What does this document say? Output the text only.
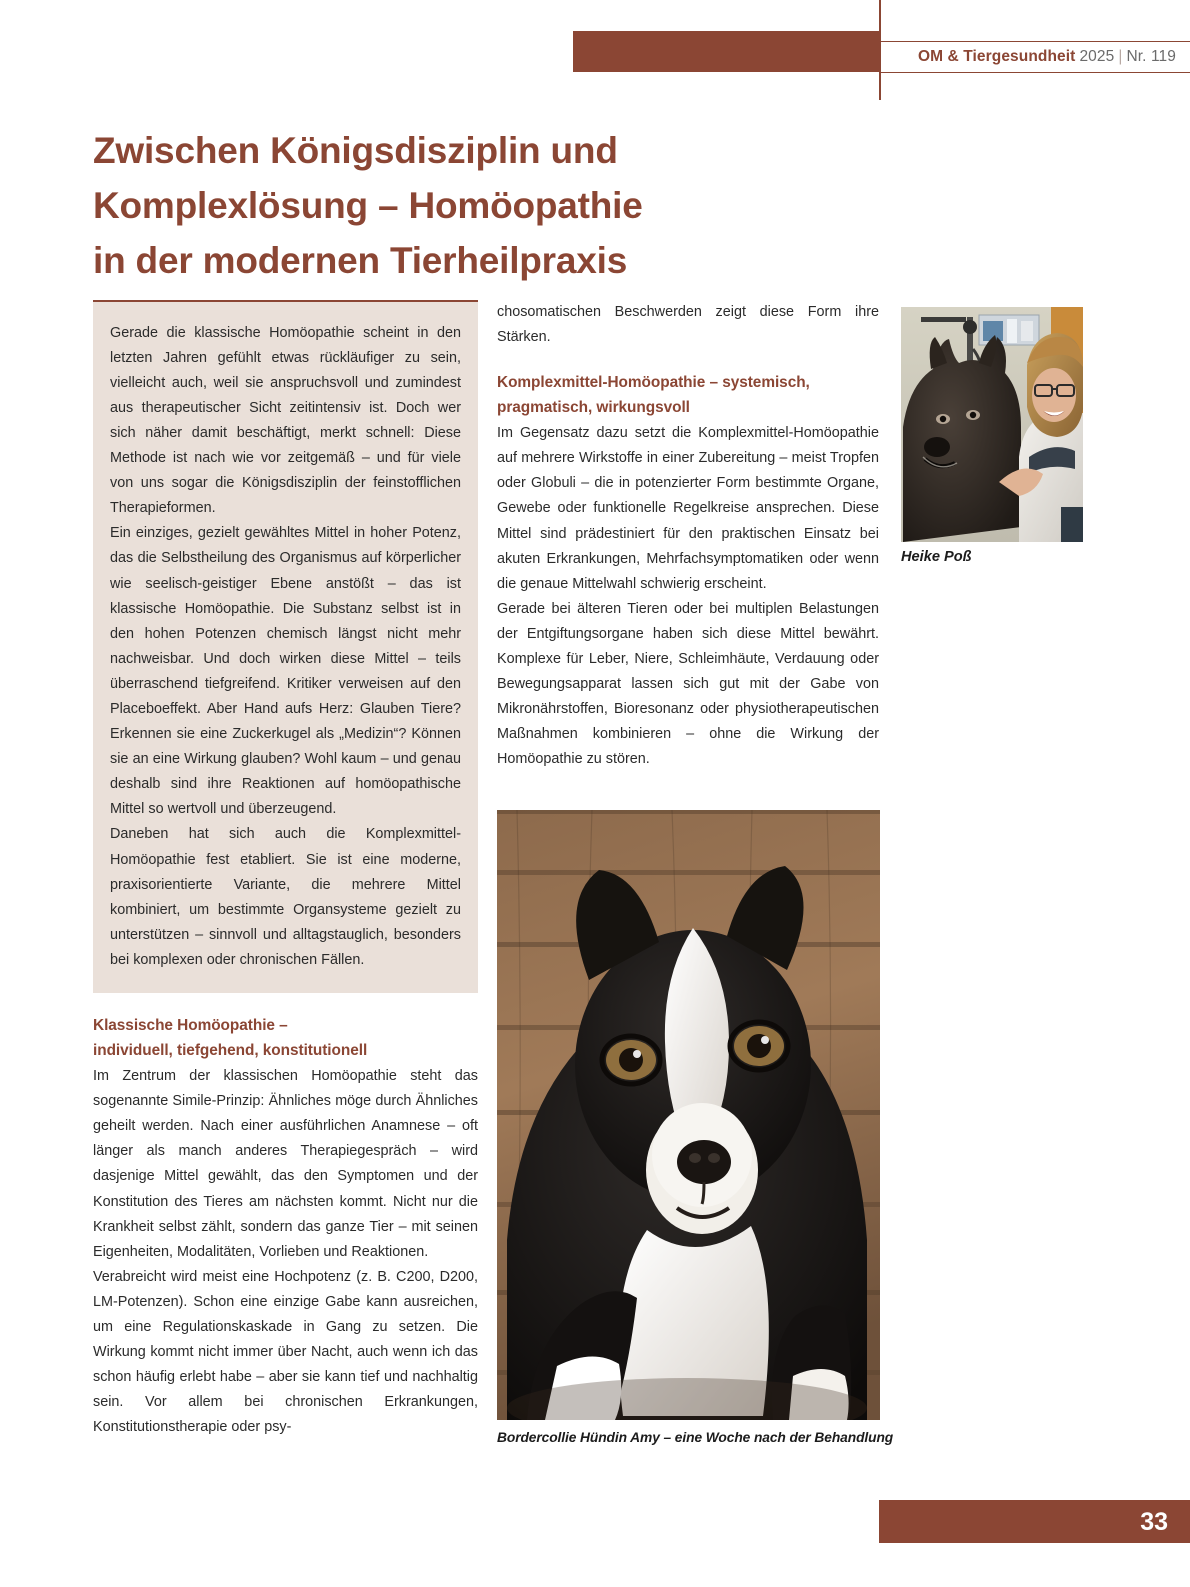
OM & Tiergesundheit 2025 | Nr. 119
Zwischen Königsdisziplin und
Komplexlösung – Homöopathie
in der modernen Tierheilpraxis

Gerade die klassische Homöopathie scheint in den letzten Jahren gefühlt etwas rückläufiger zu sein, vielleicht auch, weil sie anspruchsvoll und zumindest aus therapeutischer Sicht zeitintensiv ist. Doch wer sich näher damit beschäftigt, merkt schnell: Diese Methode ist nach wie vor zeitgemäß – und für viele von uns sogar die Königsdisziplin der feinstofflichen Therapieformen.

Ein einziges, gezielt gewähltes Mittel in hoher Potenz, das die Selbstheilung des Organismus auf körperlicher wie seelisch-geistiger Ebene anstößt – das ist klassische Homöopathie. Die Substanz selbst ist in den hohen Potenzen chemisch längst nicht mehr nachweisbar. Und doch wirken diese Mittel – teils überraschend tiefgreifend. Kritiker verweisen auf den Placeboeffekt. Aber Hand aufs Herz: Glauben Tiere? Erkennen sie eine Zuckerkugel als „Medizin“? Können sie an eine Wirkung glauben? Wohl kaum – und genau deshalb sind ihre Reaktionen auf homöopathische Mittel so wertvoll und überzeugend.

Daneben hat sich auch die Komplexmittel-Homöopathie fest etabliert. Sie ist eine moderne, praxisorientierte Variante, die mehrere Mittel kombiniert, um bestimmte Organsysteme gezielt zu unterstützen – sinnvoll und alltagstauglich, besonders bei komplexen oder chronischen Fällen.

Klassische Homöopathie –
individuell, tiefgehend, konstitutionell

Im Zentrum der klassischen Homöopathie steht das sogenannte Simile-Prinzip: Ähnliches möge durch Ähnliches geheilt werden. Nach einer ausführlichen Anamnese – oft länger als manch anderes Therapiegespräch – wird dasjenige Mittel gewählt, das den Symptomen und der Konstitution des Tieres am nächsten kommt. Nicht nur die Krankheit selbst zählt, sondern das ganze Tier – mit seinen Eigenheiten, Modalitäten, Vorlieben und Reaktionen.

Verabreicht wird meist eine Hochpotenz (z. B. C200, D200, LM-Potenzen). Schon eine einzige Gabe kann ausreichen, um eine Regulationskaskade in Gang zu setzen. Die Wirkung kommt nicht immer über Nacht, auch wenn ich das schon häufig erlebt habe – aber sie kann tief und nachhaltig sein. Vor allem bei chronischen Erkrankungen, Konstitutionstherapie oder psy-

chosomatischen Beschwerden zeigt diese Form ihre Stärken.

Komplexmittel-Homöopathie – systemisch,
pragmatisch, wirkungsvoll

Im Gegensatz dazu setzt die Komplexmittel-Homöopathie auf mehrere Wirkstoffe in einer Zubereitung – meist Tropfen oder Globuli – die in potenzierter Form bestimmte Organe, Gewebe oder funktionelle Regelkreise ansprechen. Diese Mittel sind prädestiniert für den praktischen Einsatz bei akuten Erkrankungen, Mehrfachsymptomatiken oder wenn die genaue Mittelwahl schwierig erscheint.

Gerade bei älteren Tieren oder bei multiplen Belastungen der Entgiftungsorgane haben sich diese Mittel bewährt. Komplexe für Leber, Niere, Schleimhäute, Verdauung oder Bewegungsapparat lassen sich gut mit der Gabe von Mikronährstoffen, Bioresonanz oder physiotherapeutischen Maßnahmen kombinieren – ohne die Wirkung der Homöopathie zu stören.

Heike Poß
Bordercollie Hündin Amy – eine Woche nach der Behandlung
33
